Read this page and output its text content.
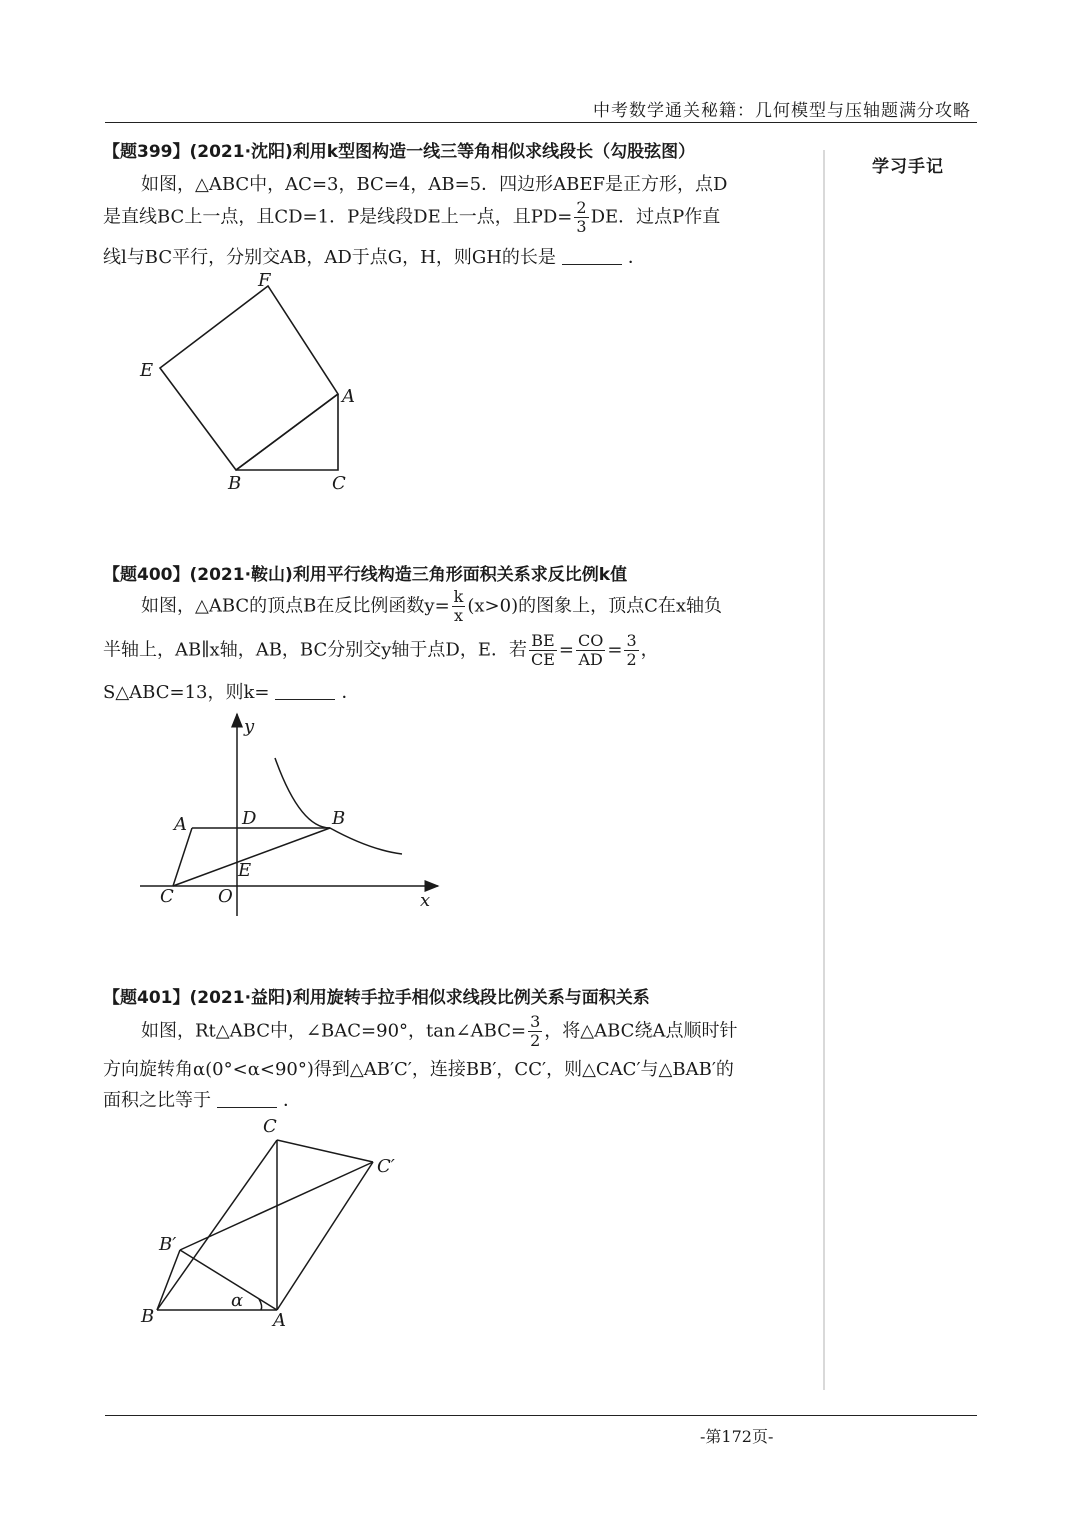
中考数学通关秘籍：几何模型与压轴题满分攻略
学习手记
【题399】(2021·沈阳)利用k型图构造一线三等角相似求线段长（勾股弦图）
如图，△ABC中，AC=3，BC=4，AB=5．四边形ABEF是正方形，点D
是直线BC上一点，且CD=1．P是线段DE上一点，且$PD= \frac{2}{3}$ DE．过点P作直
线l与BC平行，分别交AB，AD于点G，H，则GH的长是	．
F
E
A
B	C
【题400】(2021·鞍山)利用平行线构造三角形面积关系求反比例k值
如图，△ABC的顶点B在反比例函数$y= \frac{k}{x} (x>0)$的图象上，顶点C在x轴负
半轴上，AB∥x轴，AB，BC分别交y轴于点D，E．若 $\frac{BE}{CE} = \frac{CO}{AD} = \frac{3}{2}$ ，
S△ABC=13，则k=	．
y
A	D	B
E
C O	x
【题401】(2021·益阳)利用旋转手拉手相似求线段比例关系与面积关系
如图，Rt△ABC中，∠BAC=90°，tan∠ABC= $\frac{3}{2}$ ，将△ABC绕A点顺时针
方向旋转角α(0°<α<90°)得到△AB′C′，连接BB′，CC′，则△CAC′与△BAB′的
面积之比等于	．
C
C′
B′
α
B	A
-第172页-
